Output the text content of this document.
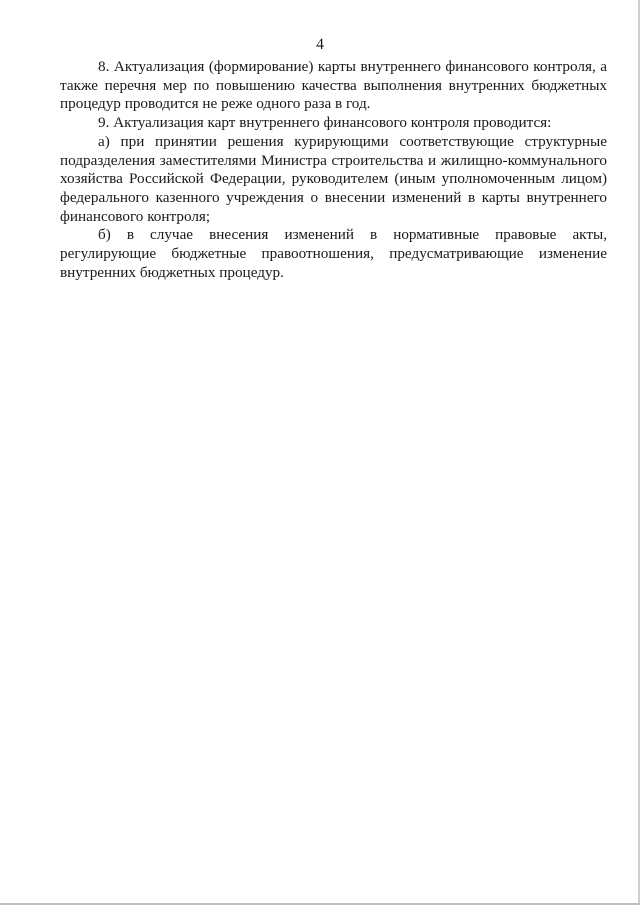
4

8. Актуализация (формирование) карты внутреннего финансового контроля, а также перечня мер по повышению качества выполнения внутренних бюджетных процедур проводится не реже одного раза в год.

9. Актуализация карт внутреннего финансового контроля проводится:

а) при принятии решения курирующими соответствующие структурные подразделения заместителями Министра строительства и жилищно-коммунального хозяйства Российской Федерации, руководителем (иным уполномоченным лицом) федерального казенного учреждения о внесении изменений в карты внутреннего финансового контроля;

б) в случае внесения изменений в нормативные правовые акты, регулирующие бюджетные правоотношения, предусматривающие изменение внутренних бюджетных процедур.
